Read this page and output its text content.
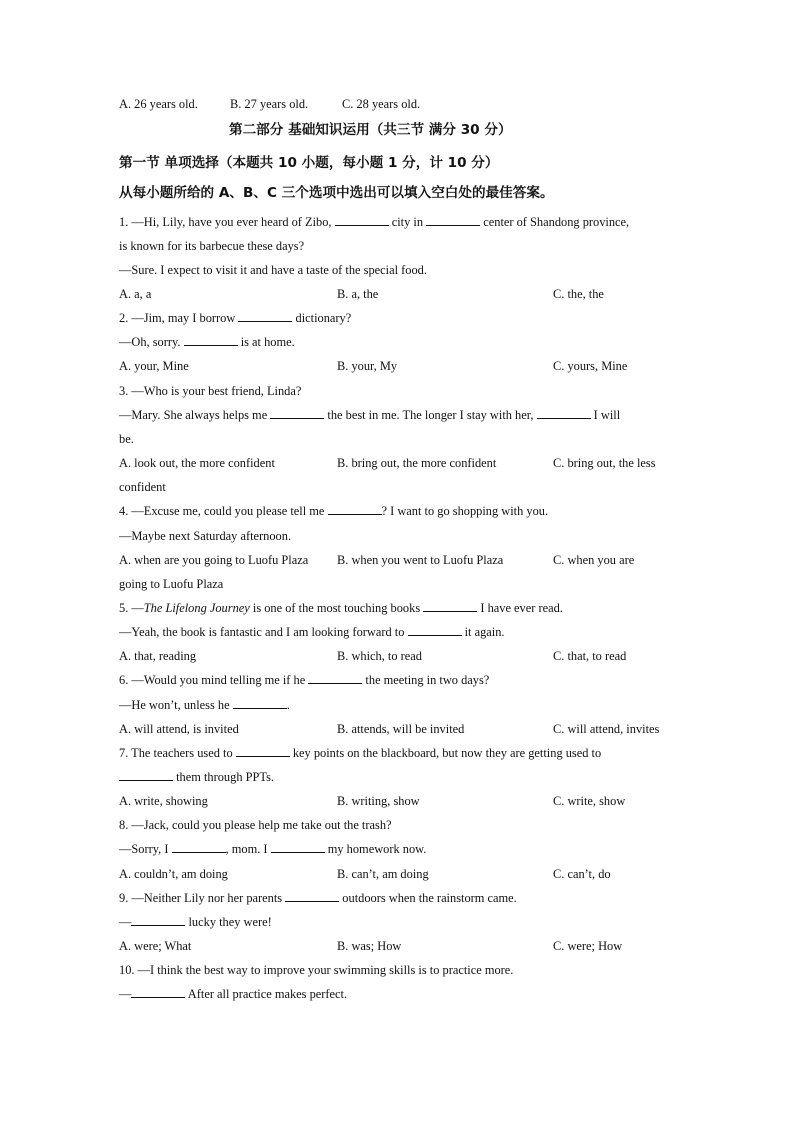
A. 26 years old.	B. 27 years old.	C. 28 years old.
第二部分 基础知识运用（共三节 满分 30 分）
第一节 单项选择（本题共 10 小题，每小题 1 分，计 10 分）
从每小题所给的 A、B、C 三个选项中选出可以填入空白处的最佳答案。
1. —Hi, Lily, have you ever heard of Zibo,	city in	center of Shandong province,
is known for its barbecue these days?
—Sure. I expect to visit it and have a taste of the special food.
A. a, a	B. a, the	C. the, the
2. —Jim, may I borrow	dictionary?
—Oh, sorry.	is at home.
A. your, Mine	B. your, My	C. yours, Mine
3. —Who is your best friend, Linda?
—Mary. She always helps me	the best in me. The longer I stay with her,	I will
be.
A. look out, the more confident	B. bring out, the more confident	C. bring out, the less
confident
4. —Excuse me, could you please tell me	? I want to go shopping with you.
—Maybe next Saturday afternoon.
A. when are you going to Luofu Plaza B. when you went to Luofu Plaza	C. when you are
going to Luofu Plaza
5. —The Lifelong Journey is one of the most touching books	I have ever read.
—Yeah, the book is fantastic and I am looking forward to	it again.
A. that, reading	B. which, to read	C. that, to read
6. —Would you mind telling me if he	the meeting in two days?
—He won’t, unless he	.
A. will attend, is invited	B. attends, will be invited	C. will attend, invites
7. The teachers used to	key points on the blackboard, but now they are getting used to
them through PPTs.
A. write, showing	B. writing, show	C. write, show
8. —Jack, could you please help me take out the trash?
—Sorry, I	, mom. I	my homework now.
A. couldn’t, am doing	B. can’t, am doing	C. can’t, do
9. —Neither Lily nor her parents	outdoors when the rainstorm came.
—	lucky they were!
A. were; What	B. was; How	C. were; How
10. —I think the best way to improve your swimming skills is to practice more.
—	After all practice makes perfect.
